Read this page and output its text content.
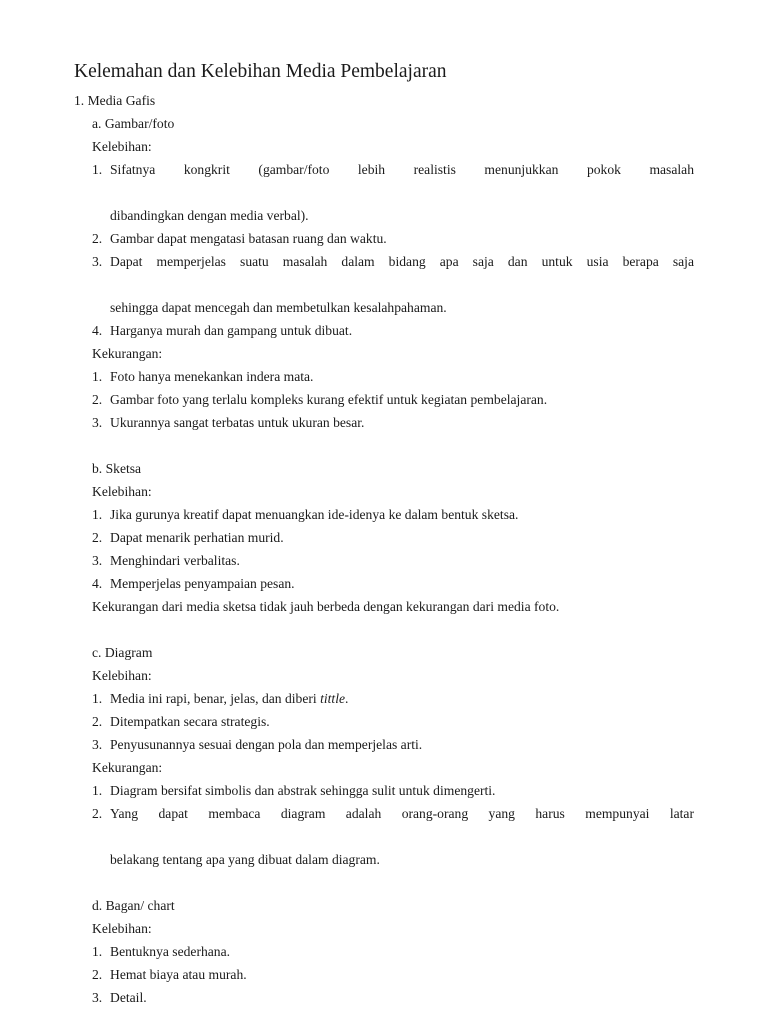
Kelemahan dan Kelebihan Media Pembelajaran
1. Media Gafis
a. Gambar/foto
Kelebihan:
1. Sifatnya kongkrit (gambar/foto lebih realistis menunjukkan pokok masalah
dibandingkan dengan media verbal).
2. Gambar dapat mengatasi batasan ruang dan waktu.
3. Dapat memperjelas suatu masalah dalam bidang apa saja dan untuk usia berapa saja
sehingga dapat mencegah dan membetulkan kesalahpahaman.
4. Harganya murah dan gampang untuk dibuat.
Kekurangan:
1. Foto hanya menekankan indera mata.
2. Gambar foto yang terlalu kompleks kurang efektif untuk kegiatan pembelajaran.
3. Ukurannya sangat terbatas untuk ukuran besar.
b. Sketsa
Kelebihan:
1. Jika gurunya kreatif dapat menuangkan ide-idenya ke dalam bentuk sketsa.
2. Dapat menarik perhatian murid.
3. Menghindari verbalitas.
4. Memperjelas penyampaian pesan.
Kekurangan dari media sketsa tidak jauh berbeda dengan kekurangan dari media foto.
c. Diagram
Kelebihan:
1. Media ini rapi, benar, jelas, dan diberi tittle.
2. Ditempatkan secara strategis.
3. Penyusunannya sesuai dengan pola dan memperjelas arti.
Kekurangan:
1. Diagram bersifat simbolis dan abstrak sehingga sulit untuk dimengerti.
2. Yang dapat membaca diagram adalah orang-orang yang harus mempunyai latar
belakang tentang apa yang dibuat dalam diagram.
d. Bagan/ chart
Kelebihan:
1. Bentuknya sederhana.
2. Hemat biaya atau murah.
3. Detail.
